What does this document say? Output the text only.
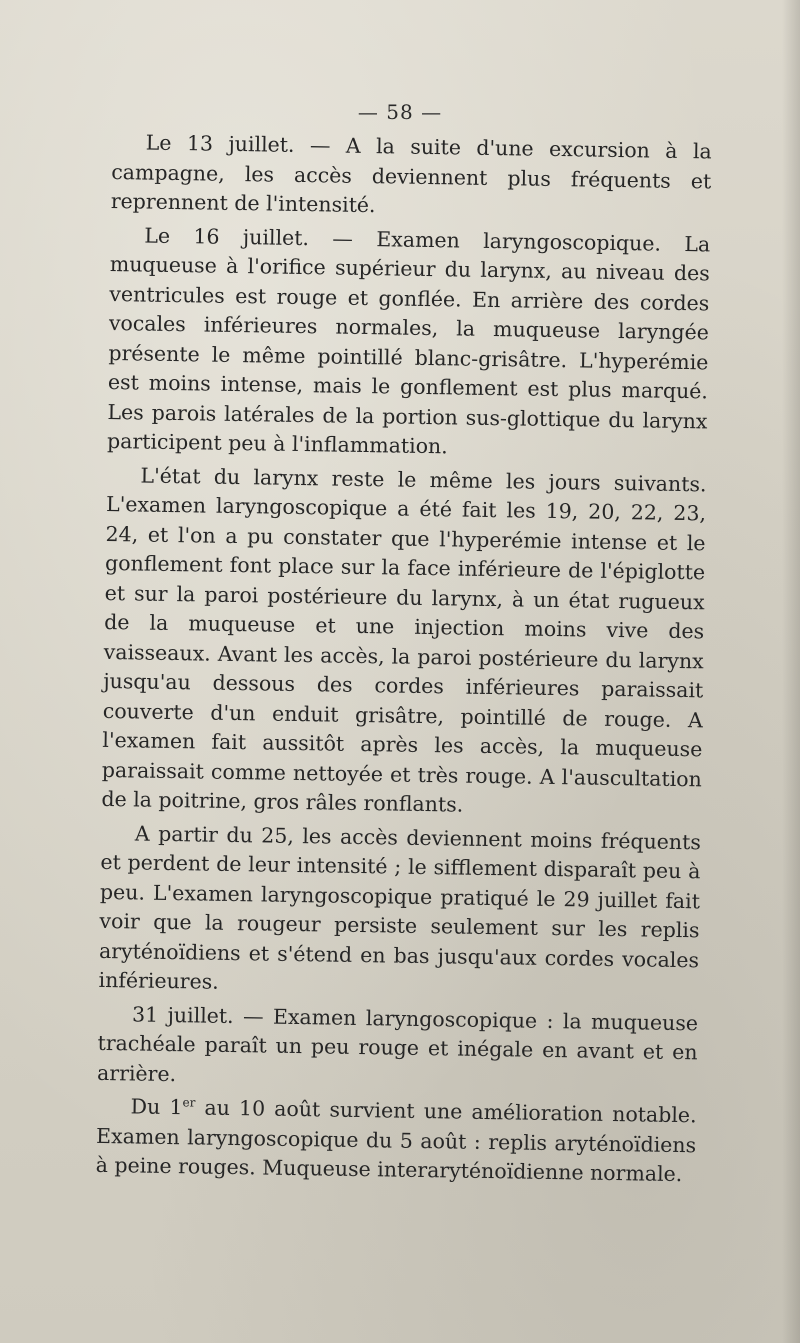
— 58 —

Le 13 juillet. — A la suite d'une excursion à la campagne, les accès deviennent plus fréquents et reprennent de l'intensité.

Le 16 juillet. — Examen laryngoscopique. La muqueuse à l'orifice supérieur du larynx, au niveau des ventricules est rouge et gonflée. En arrière des cordes vocales inférieures normales, la muqueuse laryngée présente le même pointillé blanc-grisâtre. L'hyperémie est moins intense, mais le gonflement est plus marqué. Les parois latérales de la portion sus-glottique du larynx participent peu à l'inflammation.

L'état du larynx reste le même les jours suivants. L'examen laryngoscopique a été fait les 19, 20, 22, 23, 24, et l'on a pu constater que l'hyperémie intense et le gonflement font place sur la face inférieure de l'épiglotte et sur la paroi postérieure du larynx, à un état rugueux de la muqueuse et une injection moins vive des vaisseaux. Avant les accès, la paroi postérieure du larynx jusqu'au dessous des cordes inférieures paraissait couverte d'un enduit grisâtre, pointillé de rouge. A l'examen fait aussitôt après les accès, la muqueuse paraissait comme nettoyée et très rouge. A l'auscultation de la poitrine, gros râles ronflants.

A partir du 25, les accès deviennent moins fréquents et perdent de leur intensité ; le sifflement disparaît peu à peu. L'examen laryngoscopique pratiqué le 29 juillet fait voir que la rougeur persiste seulement sur les replis aryténoïdiens et s'étend en bas jusqu'aux cordes vocales inférieures.

31 juillet. — Examen laryngoscopique : la muqueuse trachéale paraît un peu rouge et inégale en avant et en arrière.

Du 1er au 10 août survient une amélioration notable. Examen laryngoscopique du 5 août : replis aryténoïdiens à peine rouges. Muqueuse interaryténoïdienne normale.
